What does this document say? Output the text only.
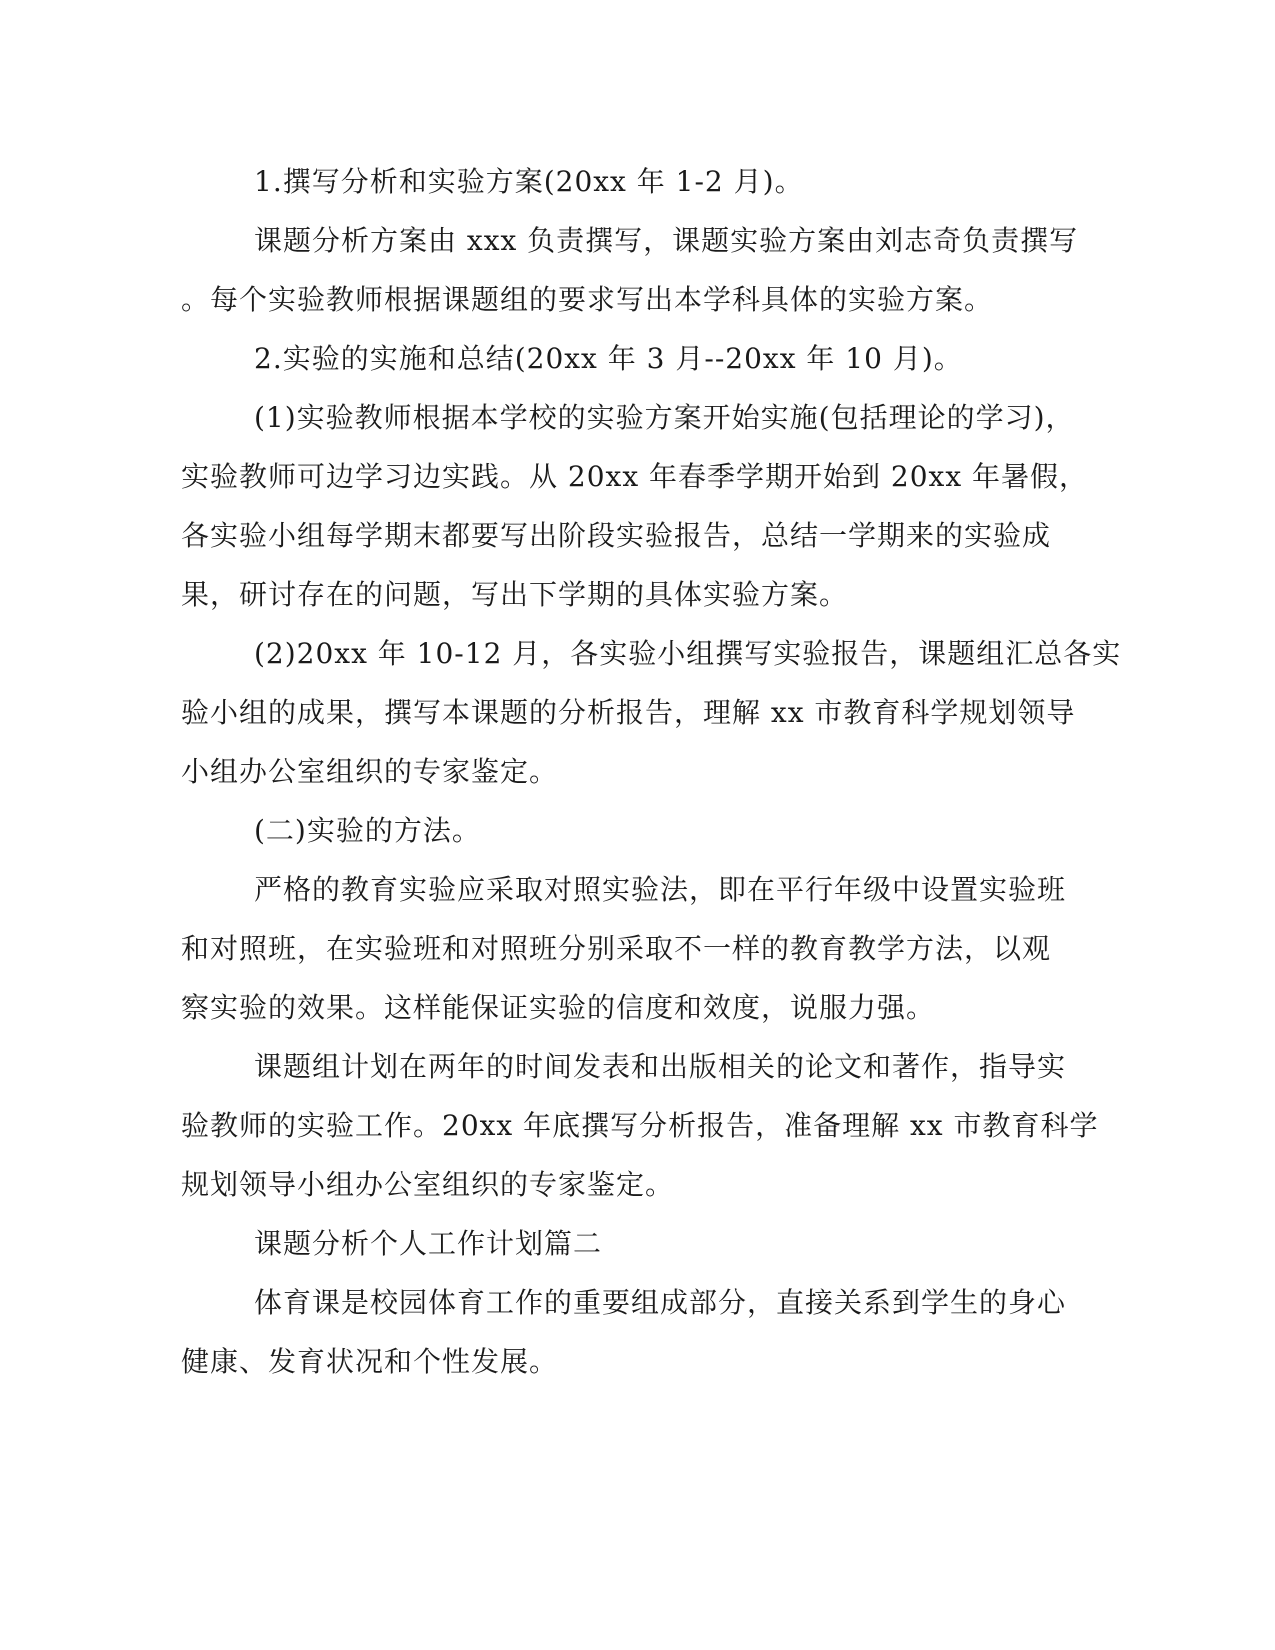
1.撰写分析和实验方案(20xx 年 1-2 月)。
课题分析方案由 xxx 负责撰写，课题实验方案由刘志奇负责撰写
。每个实验教师根据课题组的要求写出本学科具体的实验方案。
2.实验的实施和总结(20xx 年 3 月--20xx 年 10 月)。
(1)实验教师根据本学校的实验方案开始实施(包括理论的学习)，
实验教师可边学习边实践。从 20xx 年春季学期开始到 20xx 年暑假，
各实验小组每学期末都要写出阶段实验报告，总结一学期来的实验成
果，研讨存在的问题，写出下学期的具体实验方案。
(2)20xx 年 10-12 月，各实验小组撰写实验报告，课题组汇总各实
验小组的成果，撰写本课题的分析报告，理解 xx 市教育科学规划领导
小组办公室组织的专家鉴定。
(二)实验的方法。
严格的教育实验应采取对照实验法，即在平行年级中设置实验班
和对照班，在实验班和对照班分别采取不一样的教育教学方法，以观
察实验的效果。这样能保证实验的信度和效度，说服力强。
课题组计划在两年的时间发表和出版相关的论文和著作，指导实
验教师的实验工作。20xx 年底撰写分析报告，准备理解 xx 市教育科学
规划领导小组办公室组织的专家鉴定。
课题分析个人工作计划篇二
体育课是校园体育工作的重要组成部分，直接关系到学生的身心
健康、发育状况和个性发展。
